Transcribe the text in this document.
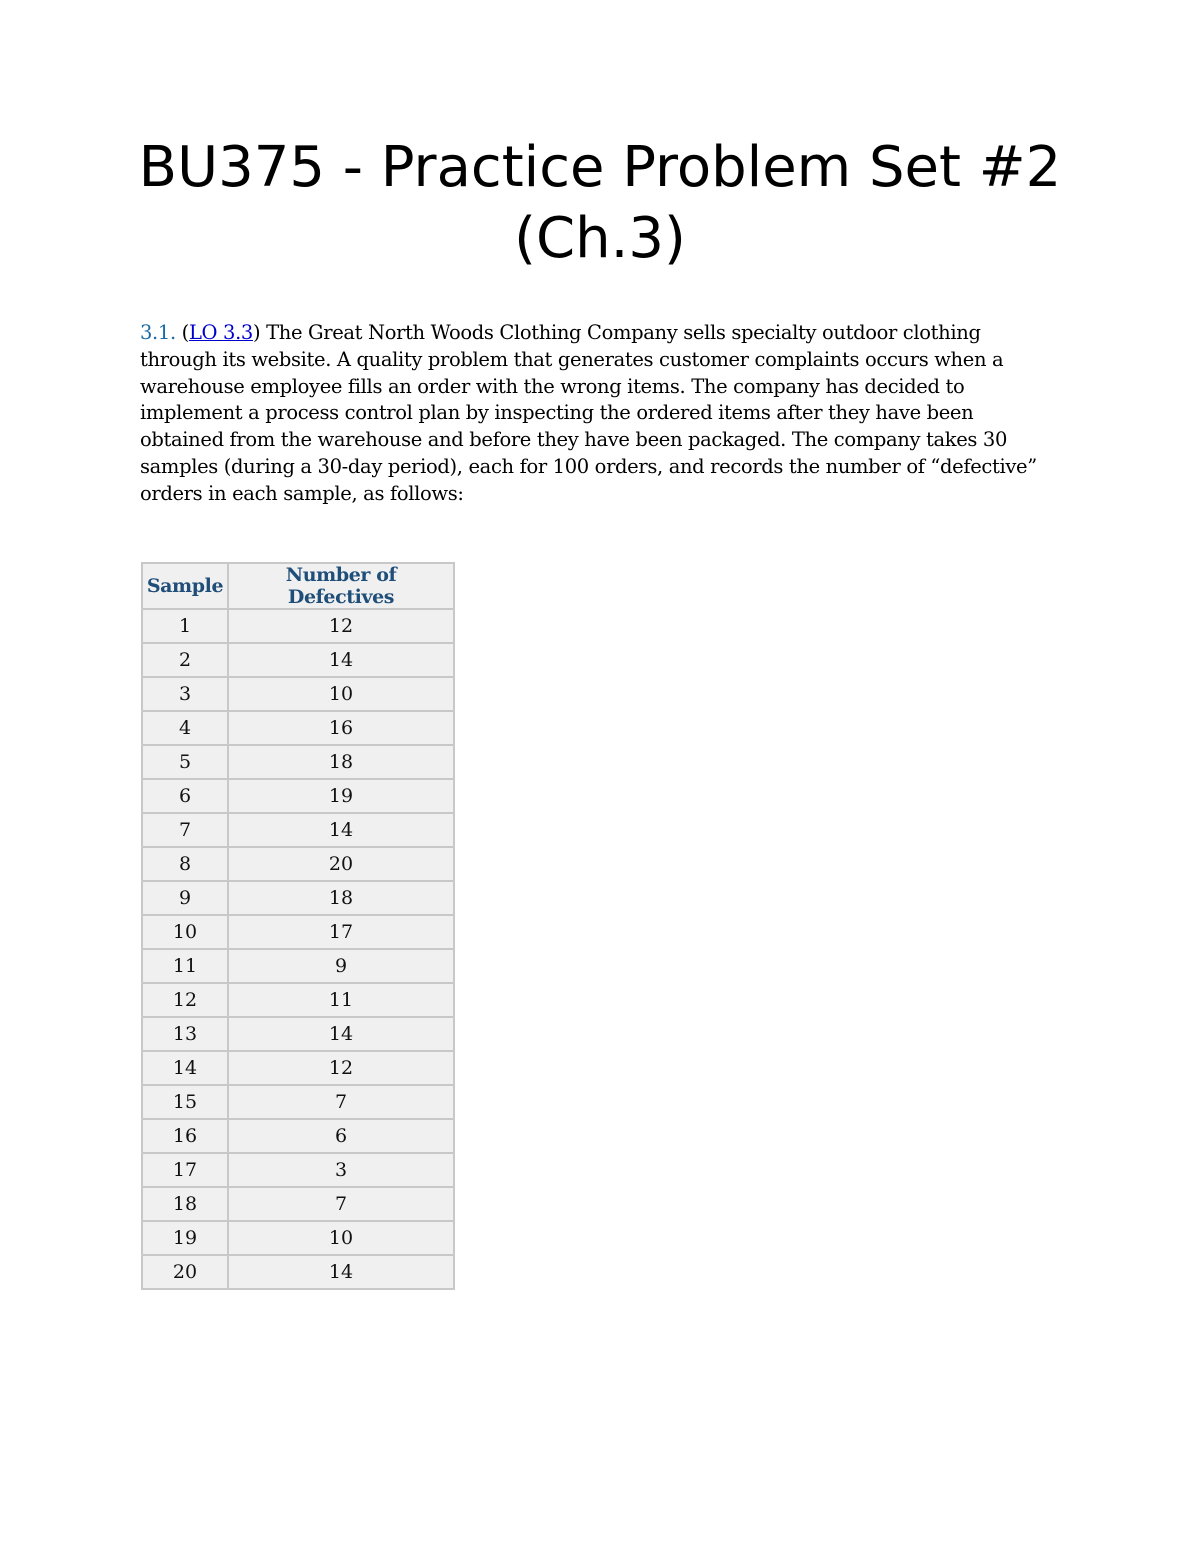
BU375 - Practice Problem Set #2
(Ch.3)

3.1. (LO 3.3) The Great North Woods Clothing Company sells specialty outdoor clothing through its website. A quality problem that generates customer complaints occurs when a warehouse employee fills an order with the wrong items. The company has decided to implement a process control plan by inspecting the ordered items after they have been obtained from the warehouse and before they have been packaged. The company takes 30 samples (during a 30-day period), each for 100 orders, and records the number of “defective” orders in each sample, as follows:

Sample	Number of Defectives
1	12
2	14
3	10
4	16
5	18
6	19
7	14
8	20
9	18
10	17
11	9
12	11
13	14
14	12
15	7
16	6
17	3
18	7
19	10
20	14
